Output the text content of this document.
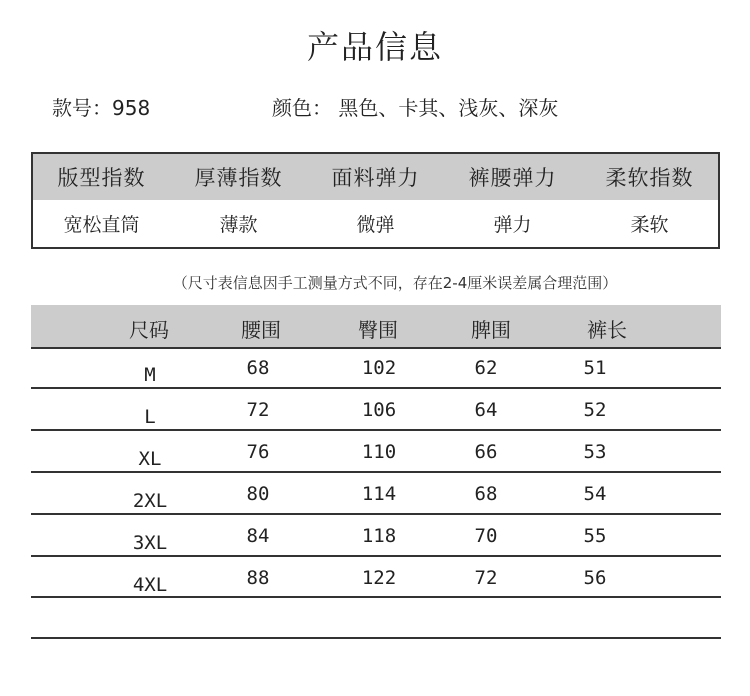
产品信息
款号：958	颜色： 黑色、卡其、浅灰、深灰
版型指数	厚薄指数	面料弹力	裤腰弹力	柔软指数
宽松直筒	薄款	微弹	弹力	柔软
（尺寸表信息因手工测量方式不同，存在2-4厘米误差属合理范围）
尺码	腰围	臀围	脾围	裤长
M	68	102	62	51
L	72	106	64	52
XL	76	110	66	53
2XL	80	114	68	54
3XL	84	118	70	55
4XL	88	122	72	56
